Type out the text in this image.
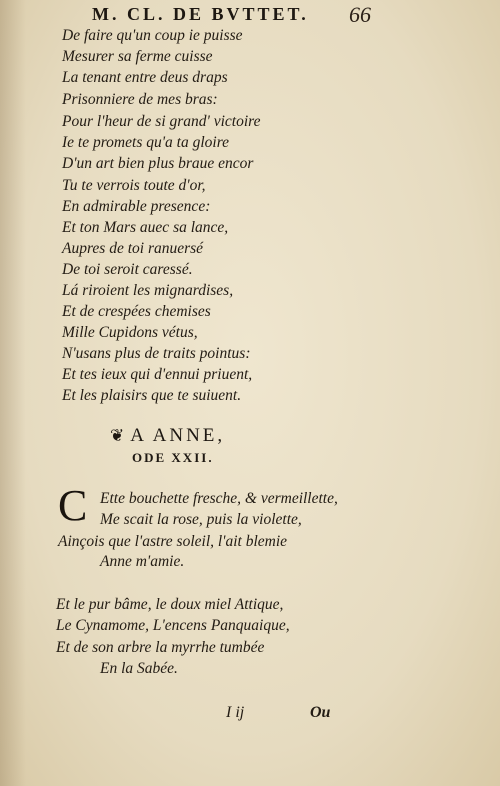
M. CL. DE BVTTET. 66
De faire qu'un coup ie puisse
Mesurer sa ferme cuisse
La tenant entre deus draps
Prisonniere de mes bras:
Pour l'heur de si grand' victoire
Ie te promets qu'a ta gloire
D'un art bien plus braue encor
Tu te verrois toute d'or,
En admirable presence:
Et ton Mars auec sa lance,
Aupres de toi ranuersé
De toi seroit caressé.
Lá riroient les mignardises,
Et de crespées chemises
Mille Cupidons vétus,
N'usans plus de traits pointus:
Et tes ieux qui d'ennui priuent,
Et les plaisirs que te suiuent.
❦ A ANNE,
ODE XXII.
C Ette bouchette fresche, & vermeillette,
Me scait la rose, puis la violette,
Ainçois que l'astre soleil, l'ait blemie
Anne m'amie.
Et le pur bâme, le doux miel Attique,
Le Cynamome, L'encens Panquaique,
Et de son arbre la myrrhe tumbée
En la Sabée.
I ij	Ou
